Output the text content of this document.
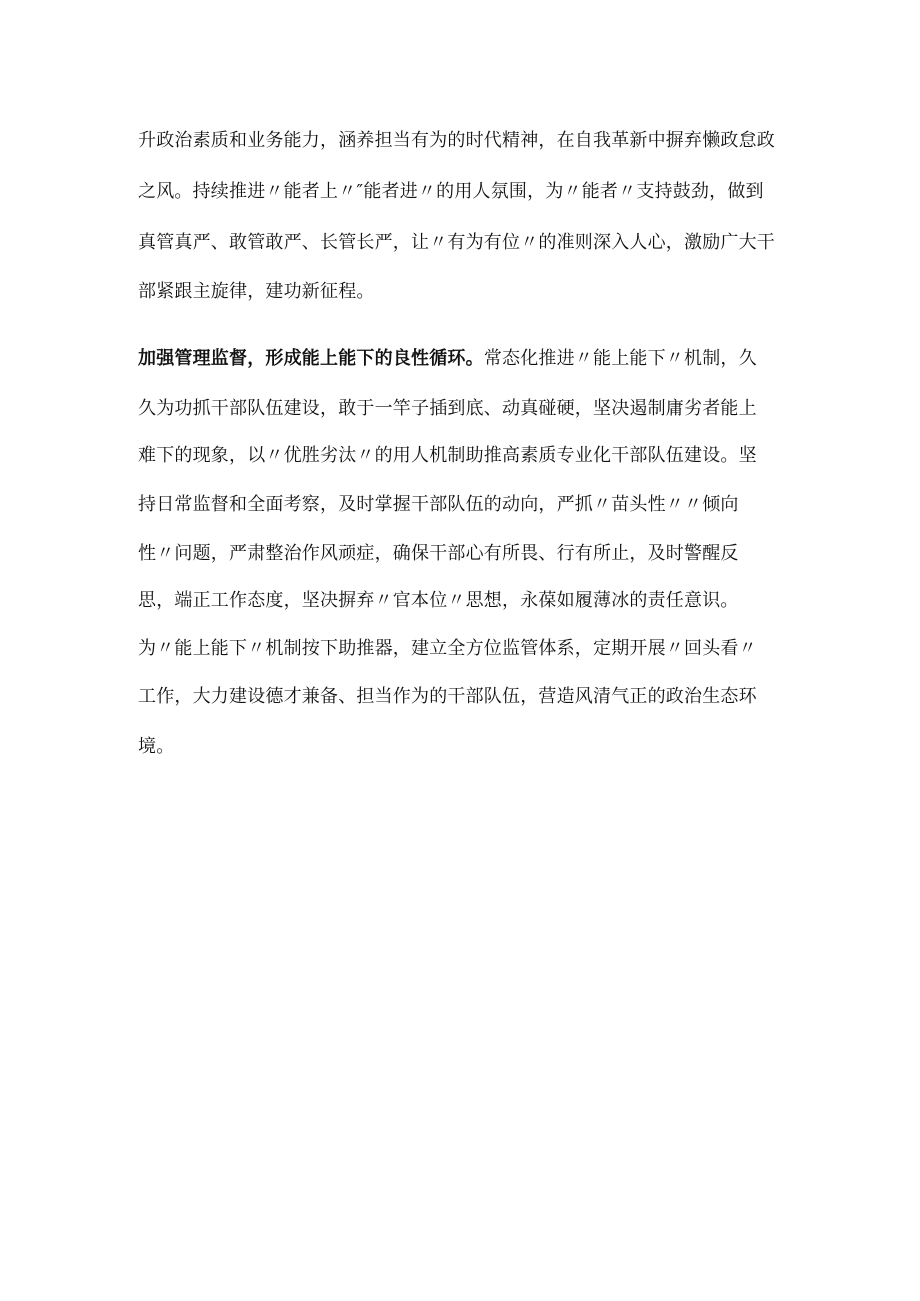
升政治素质和业务能力，涵养担当有为的时代精神，在自我革新中摒弃懒政怠政
之风。持续推进〃能者上〃″能者进〃的用人氛围，为〃能者〃支持鼓劲，做到
真管真严、敢管敢严、长管长严，让〃有为有位〃的准则深入人心，激励广大干
部紧跟主旋律，建功新征程。
加强管理监督，形成能上能下的良性循环。常态化推进〃能上能下〃机制，久
久为功抓干部队伍建设，敢于一竿子插到底、动真碰硬，坚决遏制庸劣者能上
难下的现象，以〃优胜劣汰〃的用人机制助推高素质专业化干部队伍建设。坚
持日常监督和全面考察，及时掌握干部队伍的动向，严抓〃苗头性〃〃倾向
性〃问题，严肃整治作风顽症，确保干部心有所畏、行有所止，及时警醒反
思，端正工作态度，坚决摒弃〃官本位〃思想，永葆如履薄冰的责任意识。
为〃能上能下〃机制按下助推器，建立全方位监管体系，定期开展〃回头看〃
工作，大力建设德才兼备、担当作为的干部队伍，营造风清气正的政治生态环
境。
